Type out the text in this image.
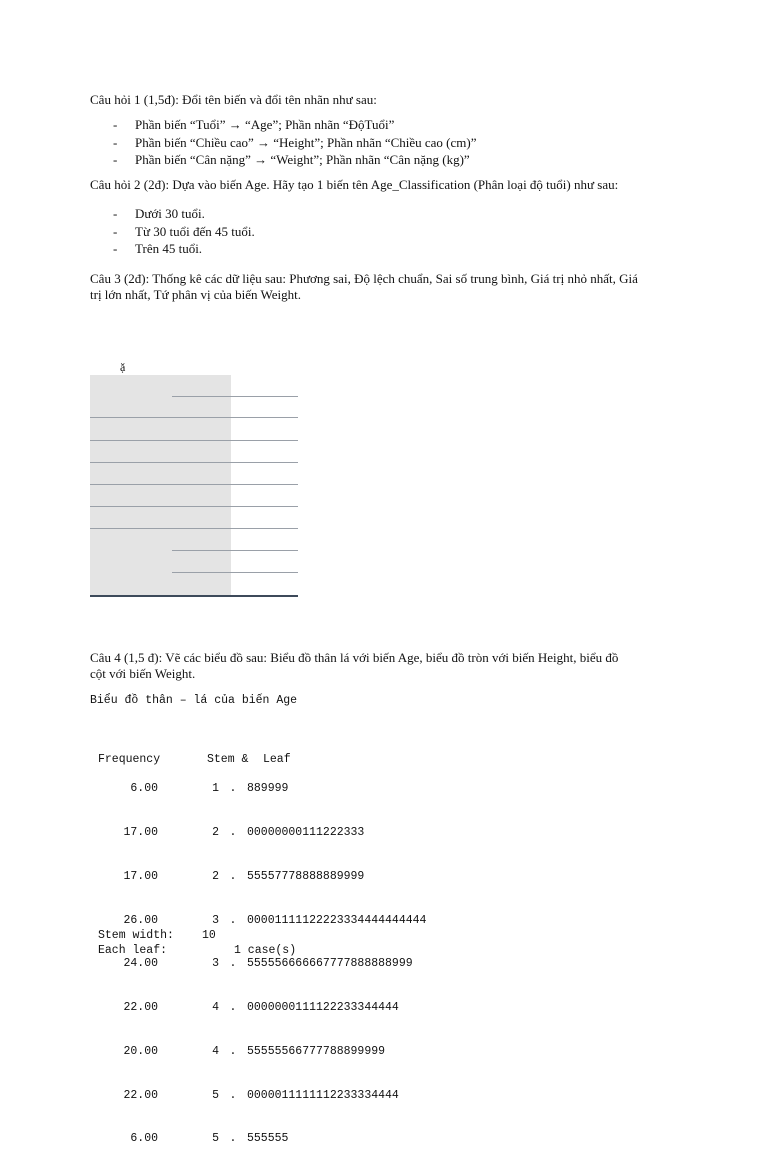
Câu hỏi 1 (1,5đ): Đổi tên biến và đổi tên nhãn như sau:
- Phần biến “Tuổi” → “Age”; Phần nhãn “ĐộTuổi”
- Phần biến “Chiều cao” → “Height”; Phần nhãn “Chiều cao (cm)”
- Phần biến “Cân nặng” → “Weight”; Phần nhãn “Cân nặng (kg)”
Câu hỏi 2 (2đ): Dựa vào biến Age. Hãy tạo 1 biến tên Age_Classification (Phân loại độ tuổi) như sau:
- Dưới 30 tuổi.
- Từ 30 tuổi đến 45 tuổi.
- Trên 45 tuổi.
Câu 3 (2đ): Thống kê các dữ liệu sau: Phương sai, Độ lệch chuẩn, Sai số trung bình, Giá trị nhỏ nhất, Giá
trị lớn nhất, Tứ phân vị của biến Weight.
ặ
Câu 4 (1,5 đ): Vẽ các biểu đồ sau: Biểu đồ thân lá với biến Age, biểu đồ tròn với biến Height, biểu đồ
cột với biến Weight.
Biểu đồ thân – lá của biến Age

Frequency	Stem &	Leaf

6.00	1 . 889999

17.00	2 . 00000000111222333

17.00	2 . 55557778888889999

26.00	3 . 00001111122223334444444444

24.00	3 . 555556666667777888888999

22.00	4 . 0000000111122233344444

20.00	4 . 55555566777788899999

22.00	5 . 0000011111112233334444

6.00	5 . 555555

Stem width:	10

Each leaf:	1 case(s)
